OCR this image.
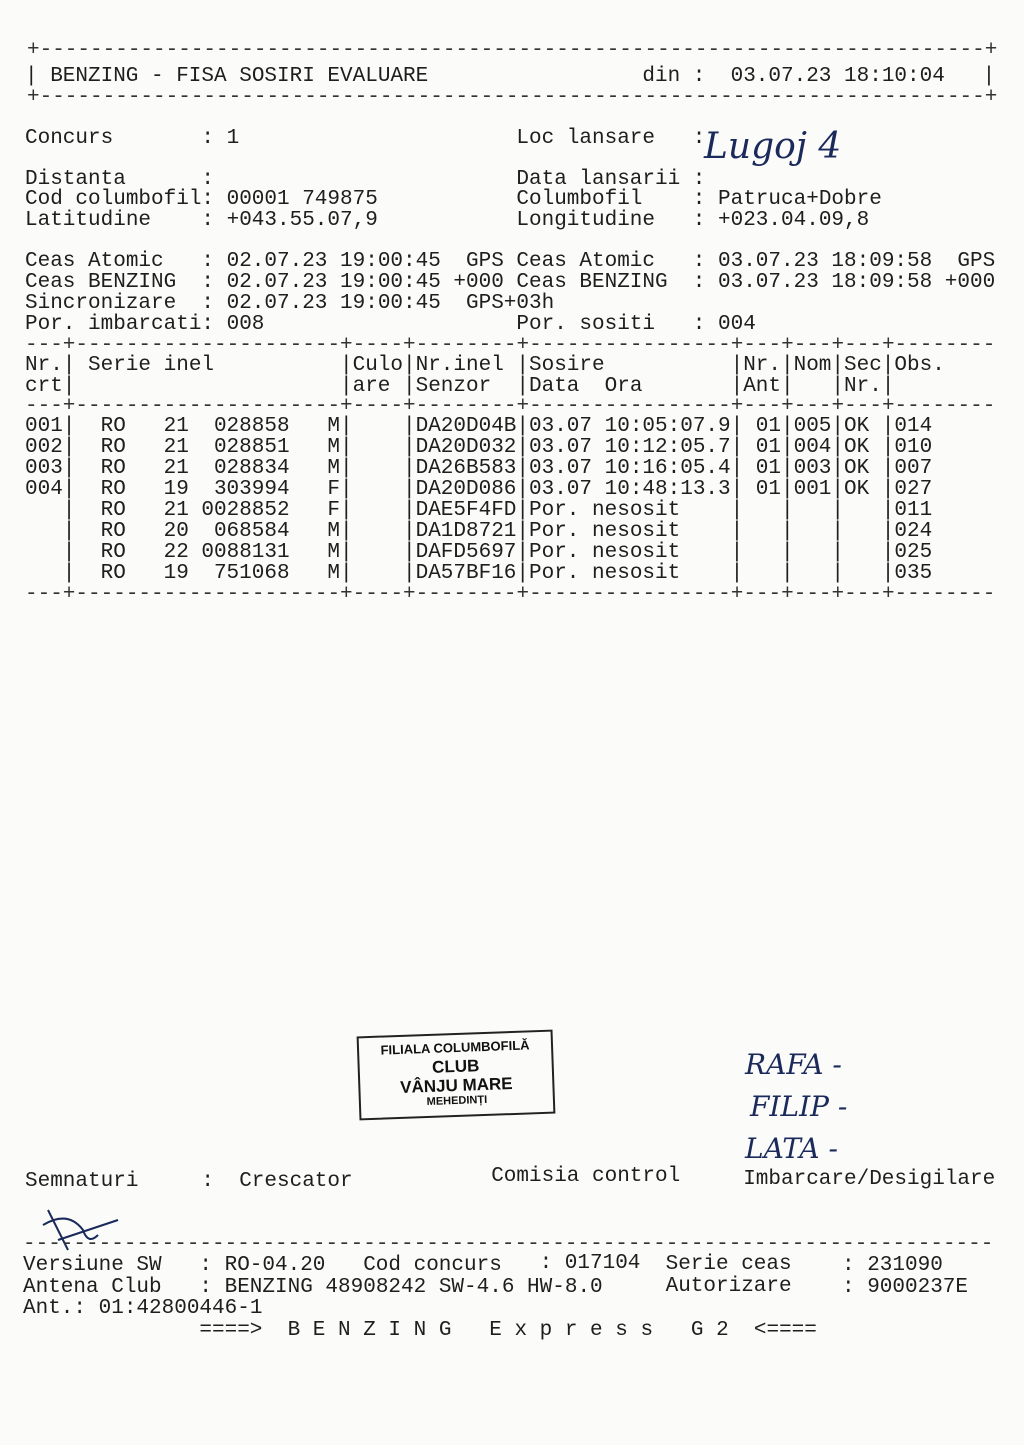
+---------------------------------------------------------------------------+
| BENZING - FISA SOSIRI EVALUARE	din : 03.07.23 18:10:04 |
+---------------------------------------------------------------------------+
Concurs	: 1	Loc lansare :
Lugoj 4
Distanta	:	Data lansarii :
Cod columbofil : 00001 749875	Columbofil : Patruca+Dobre
Latitudine : +043.55.07,9	Longitudine : +023.04.09,8
Ceas Atomic : 02.07.23 19:00:45 GPS Ceas Atomic : 03.07.23 18:09:58 GPS
Ceas BENZING : 02.07.23 19:00:45 +000 Ceas BENZING : 03.07.23 18:09:58 +000
Sincronizare : 02.07.23 19:00:45 GPS+03h
Por. imbarcati : 008	Por. sositi : 004
---+---------------------+----+--------+----------------+---+---+---+--------
Nr. | Serie inel	| Culo | Nr.inel | Sosire	| Nr. | Nom | Sec | Obs.
crt |	| are | Senzor | Data  Ora	| Ant | | Nr. |
---+---------------------+----+--------+----------------+---+---+---+--------
|	| |	|	| | | |
001 RO 21	028858 M	DA20D04B 03.07 10:05:07.9	01 005 OK 014
|	| |	|	| | | |
002 RO 21	028851 M	DA20D032 03.07 10:12:05.7	01 004 OK 010
|	| |	|	| | | |
003 RO 21	028834 M	DA26B583 03.07 10:16:05.4	01 003 OK 007
|	| |	|	| | | |
004 RO 19	303994 F	DA20D086 03.07 10:48:13.3	01 001 OK 027
|	| |	|	| | | |
RO 21 0028852 F	DAE5F4FD Por. nesosit	011
|	| |	|	| | | |
RO 20	068584 M	DA1D8721 Por. nesosit	024
|	| |	|	| | | |
RO 22 0088131 M	DAFD5697 Por. nesosit	025
|	| |	|	| | | |
RO 19	751068 M	DA57BF16 Por. nesosit	035
---+---------------------+----+--------+----------------+---+---+---+--------
FILIALA COLUMBOFILĂ
CLUB
VÂNJU MARE
MEHEDINȚI
RAFA -
FILIP -
LATA -
Semnaturi	: Crescator	Comisia control	Imbarcare/Desigilare
-----------------------------------------------------------------------------
Versiune SW : RO-04.20 Cod concurs : 017104 Serie ceas : 231090
Antena Club : BENZING 48908242 SW-4.6 HW-8.0	Autorizare : 9000237E
Ant.: 01:42800446-1
====>  B E N Z I N G   E x p r e s s   G 2  <====
